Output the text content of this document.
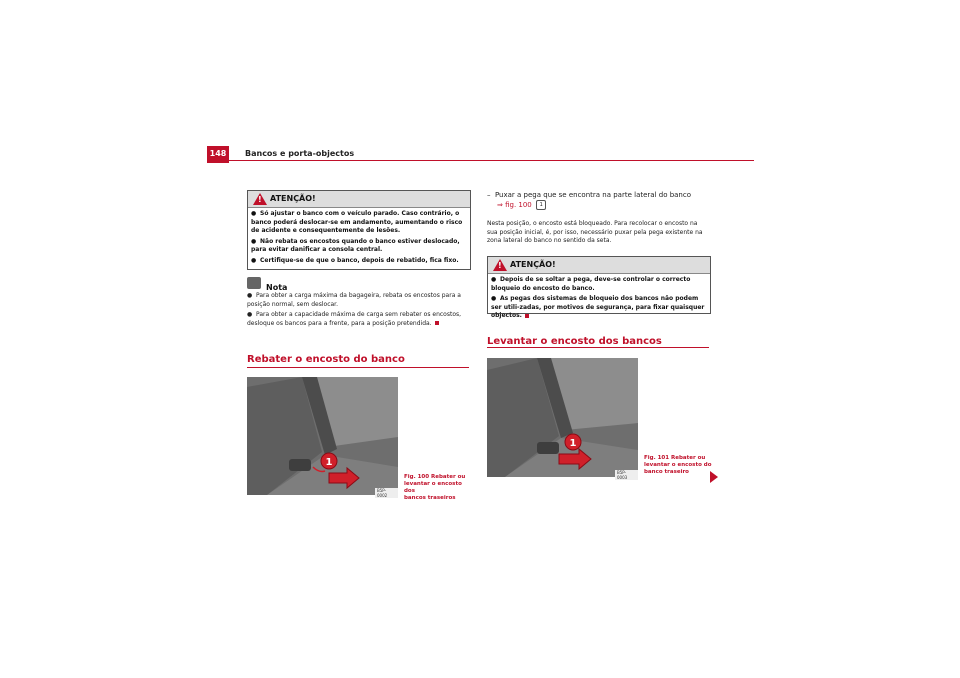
148	Bancos e porta-objectos
!
ATENÇÃO!

● Só ajustar o banco com o veículo parado. Caso contrário, o banco poderá deslocar-se em andamento, aumentando o risco de acidente e consequentemente de lesões.

● Não rebata os encostos quando o banco estiver deslocado, para evitar danificar a consola central.

● Certifique-se de que o banco, depois de rebatido, fica fixo.

Nota

● Para obter a carga máxima da bagageira, rebata os encostos para a posição normal, sem deslocar.

● Para obter a capacidade máxima de carga sem rebater os encostos, desloque os bancos para a frente, para a posição pretendida.

Rebater o encosto do banco
1
B5P-0002
Fig. 100 Rebater ou
levantar o encosto dos
bancos traseiros
– Puxar a pega que se encontra na parte lateral do banco
⇒ fig. 100 1
Nesta posição, o encosto está bloqueado. Para recolocar o encosto na sua posição inicial, é, por isso, necessário puxar pela pega existente na zona lateral do banco no sentido da seta.
!
ATENÇÃO!

● Depois de se soltar a pega, deve-se controlar o correcto bloqueio do encosto do banco.

● As pegas dos sistemas de bloqueio dos bancos não podem ser utili-zadas, por motivos de segurança, para fixar quaisquer objectos.

Levantar o encosto dos bancos
1
B5P-0003
Fig. 101 Rebater ou
levantar o encosto do
banco traseiro
